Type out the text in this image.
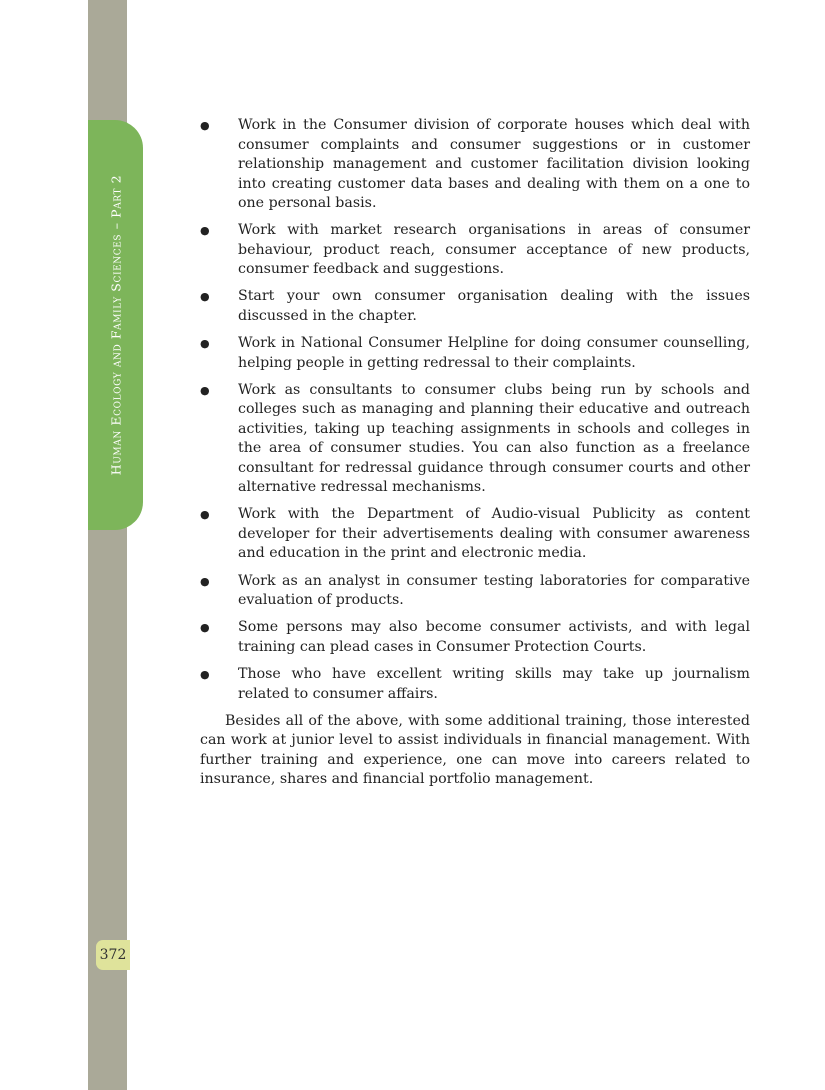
Human Ecology and Family Sciences – Part 2
372
● Work in the Consumer division of corporate houses which deal with consumer complaints and consumer suggestions or in customer relationship management and customer facilitation division looking into creating customer data bases and dealing with them on a one to one personal basis.
● Work with market research organisations in areas of consumer behaviour, product reach, consumer acceptance of new products, consumer feedback and suggestions.
● Start your own consumer organisation dealing with the issues discussed in the chapter.
● Work in National Consumer Helpline for doing consumer counselling, helping people in getting redressal to their complaints.
● Work as consultants to consumer clubs being run by schools and colleges such as managing and planning their educative and outreach activities, taking up teaching assignments in schools and colleges in the area of consumer studies. You can also function as a freelance consultant for redressal guidance through consumer courts and other alternative redressal mechanisms.
● Work with the Department of Audio-visual Publicity as content developer for their advertisements dealing with consumer awareness and education in the print and electronic media.
● Work as an analyst in consumer testing laboratories for comparative evaluation of products.
● Some persons may also become consumer activists, and with legal training can plead cases in Consumer Protection Courts.
● Those who have excellent writing skills may take up journalism related to consumer affairs.

Besides all of the above, with some additional training, those interested can work at junior level to assist individuals in financial management. With further training and experience, one can move into careers related to insurance, shares and financial portfolio management.
